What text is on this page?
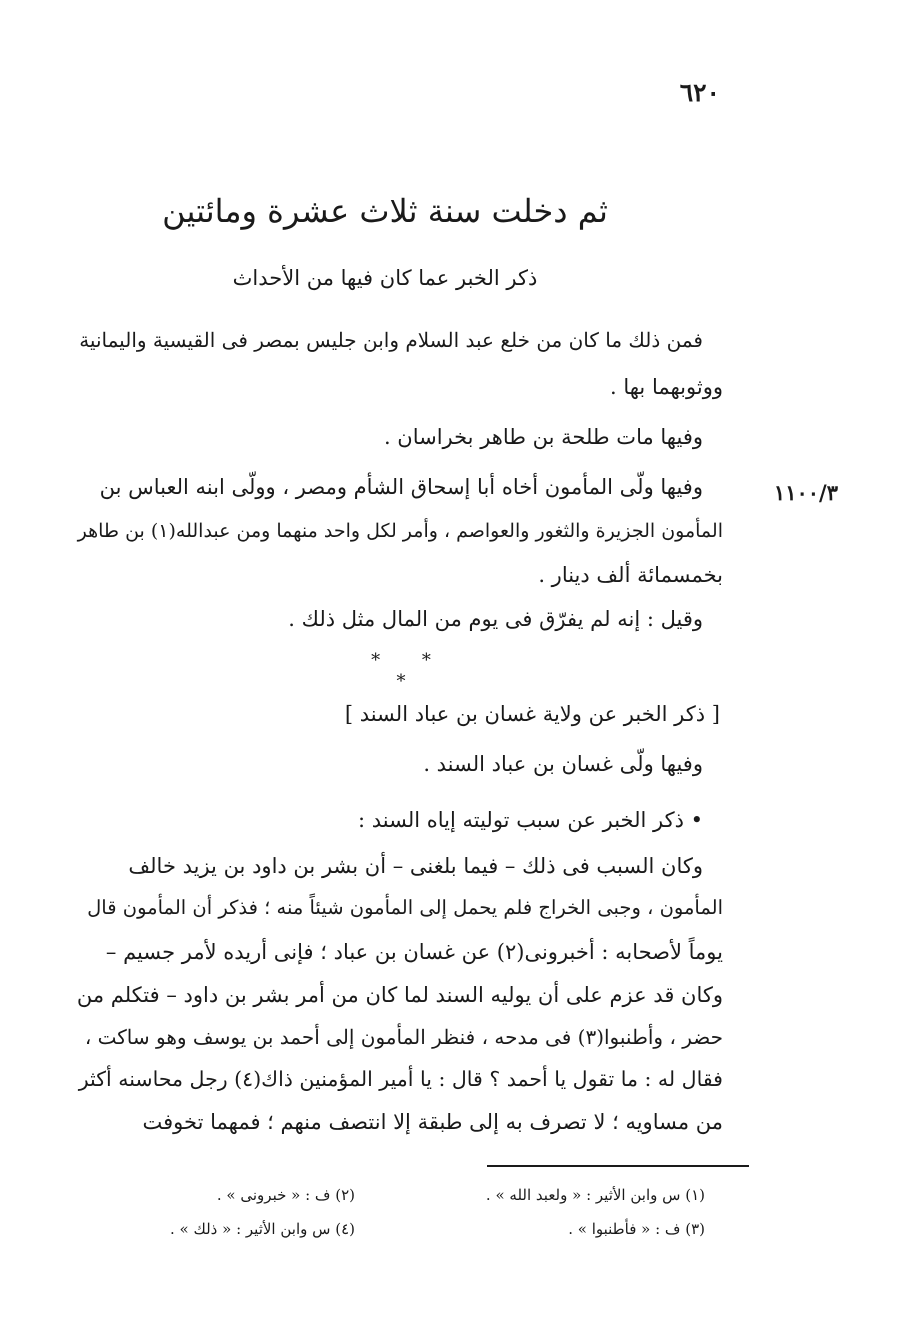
٦٢٠
ثم دخلت سنة ثلاث عشرة ومائتين
ذكر الخبر عما كان فيها من الأحداث
فمن ذلك ما كان من خلع عبد السلام وابن جليس بمصر فى القيسية واليمانية
ووثوبهما بها .
وفيها مات طلحة بن طاهر بخراسان .
١١٠٠/٣
وفيها ولّى المأمون أخاه أبا إسحاق الشأم ومصر ، وولّى ابنه العباس بن
المأمون الجزيرة والثغور والعواصم ، وأمر لكل واحد منهما ومن عبدالله(١) بن طاهر
بخمسمائة ألف دينار .
وقيل : إنه لم يفرّق فى يوم من المال مثل ذلك .
* * *
[ ذكر الخبر عن ولاية غسان بن عباد السند ]
وفيها ولّى غسان بن عباد السند .
• ذكر الخبر عن سبب توليته إياه السند :
وكان السبب فى ذلك – فيما بلغنى – أن بشر بن داود بن يزيد خالف
المأمون ، وجبى الخراج فلم يحمل إلى المأمون شيئاً منه ؛ فذكر أن المأمون قال
يوماً لأصحابه : أخبرونى(٢) عن غسان بن عباد ؛ فإنى أريده لأمر جسيم –
وكان قد عزم على أن يوليه السند لما كان من أمر بشر بن داود – فتكلم من
حضر ، وأطنبوا(٣) فى مدحه ، فنظر المأمون إلى أحمد بن يوسف وهو ساكت ،
فقال له : ما تقول يا أحمد ؟ قال : يا أمير المؤمنين ذاك(٤) رجل محاسنه أكثر
من مساويه ؛ لا تصرف به إلى طبقة إلا انتصف منهم ؛ فمهما تخوفت
(١) س وابن الأثير : « ولعبد الله » .
(٢) ف : « خبرونى » .
(٣) ف : « فأطنبوا » .
(٤) س وابن الأثير : « ذلك » .
